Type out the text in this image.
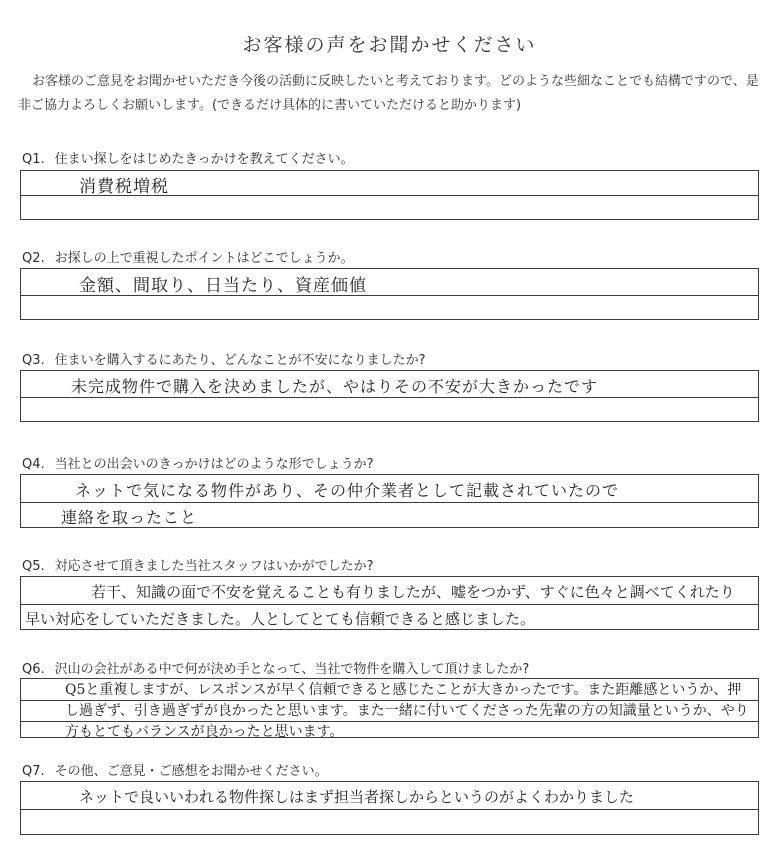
お客様の声をお聞かせください
お客様のご意見をお聞かせいただき今後の活動に反映したいと考えております。どのような些細なことでも結構ですので、是非ご協力よろしくお願いします。(できるだけ具体的に書いていただけると助かります)
Q1. 住まい探しをはじめたきっかけを教えてください。
消費税増税
Q2. お探しの上で重視したポイントはどこでしょうか。
金額、間取り、日当たり、資産価値
Q3. 住まいを購入するにあたり、どんなことが不安になりましたか?
未完成物件で購入を決めましたが、やはりその不安が大きかったです
Q4. 当社との出会いのきっかけはどのような形でしょうか?
ネットで気になる物件があり、その仲介業者として記載されていたので
連絡を取ったこと
Q5. 対応させて頂きました当社スタッフはいかがでしたか?
若干、知識の面で不安を覚えることも有りましたが、嘘をつかず、すぐに色々と調べてくれたり
早い対応をしていただきました。人としてとても信頼できると感じました。
Q6. 沢山の会社がある中で何が決め手となって、当社で物件を購入して頂けましたか?
Q5と重複しますが、レスポンスが早く信頼できると感じたことが大きかったです。また距離感というか、押し過ぎず、引き過ぎずが良かったと思います。また一緒に付いてくださった先輩の方の知識量というか、やり方もとてもバランスが良かったと思います。
Q7. その他、ご意見・ご感想をお聞かせください。
ネットで良いいわれる物件探しはまず担当者探しからというのがよくわかりました
